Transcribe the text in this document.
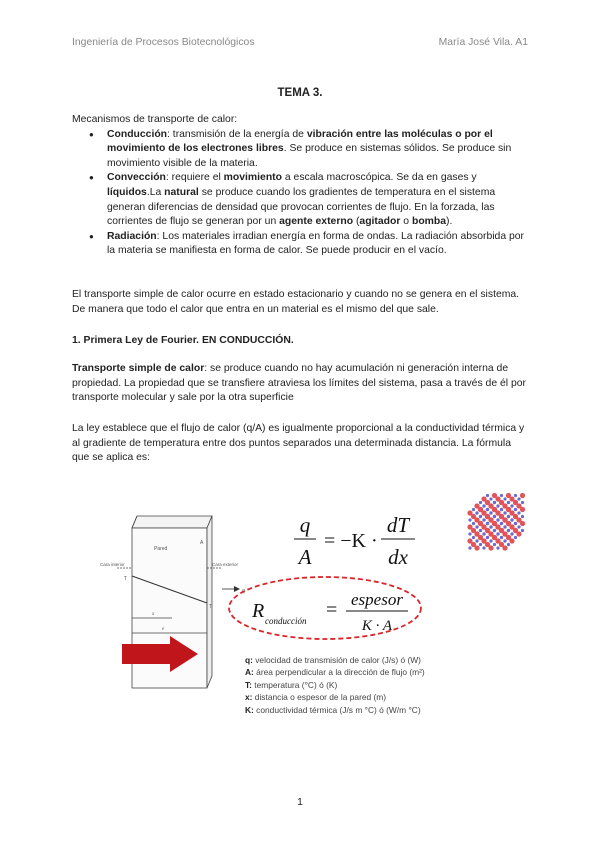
Ingeniería de Procesos Biotecnológicos	María José Vila. A1
TEMA 3.

Mecanismos de transporte de calor:

● Conducción: transmisión de la energía de vibración entre las moléculas o por el movimiento de los electrones libres. Se produce en sistemas sólidos. Se produce sin movimiento visible de la materia.
● Convección: requiere el movimiento a escala macroscópica. Se da en gases y líquidos.La natural se produce cuando los gradientes de temperatura en el sistema generan diferencias de densidad que provocan corrientes de flujo. En la forzada, las corrientes de flujo se generan por un agente externo (agitador o bomba).
● Radiación: Los materiales irradian energía en forma de ondas. La radiación absorbida por la materia se manifiesta en forma de calor. Se puede producir en el vacío.

El transporte simple de calor ocurre en estado estacionario y cuando no se genera en el sistema. De manera que todo el calor que entra en un material es el mismo del que sale.

1. Primera Ley de Fourier. EN CONDUCCIÓN.

Transporte simple de calor: se produce cuando no hay acumulación ni generación interna de propiedad. La propiedad que se transfiere atraviesa los límites del sistema, pasa a través de él por transporte molecular y sale por la otra superficie

La ley establece que el flujo de calor (q/A) es igualmente proporcional a la conductividad térmica y al gradiente de temperatura entre dos puntos separados una determinada distancia. La fórmula que se aplica es:

Pared
A
Cara interior	Cara exterior
T
T
q
x
e
q
A
= −K ·
dT
dx
R conducción = espesor
K · A
q: velocidad de transmisión de calor (J/s) ó (W)
A: área perpendicular a la dirección de flujo (m²)
T: temperatura (°C) ó (K)
x: distancia o espesor de la pared (m)
K: conductividad térmica (J/s m °C) ó (W/m °C)
1
